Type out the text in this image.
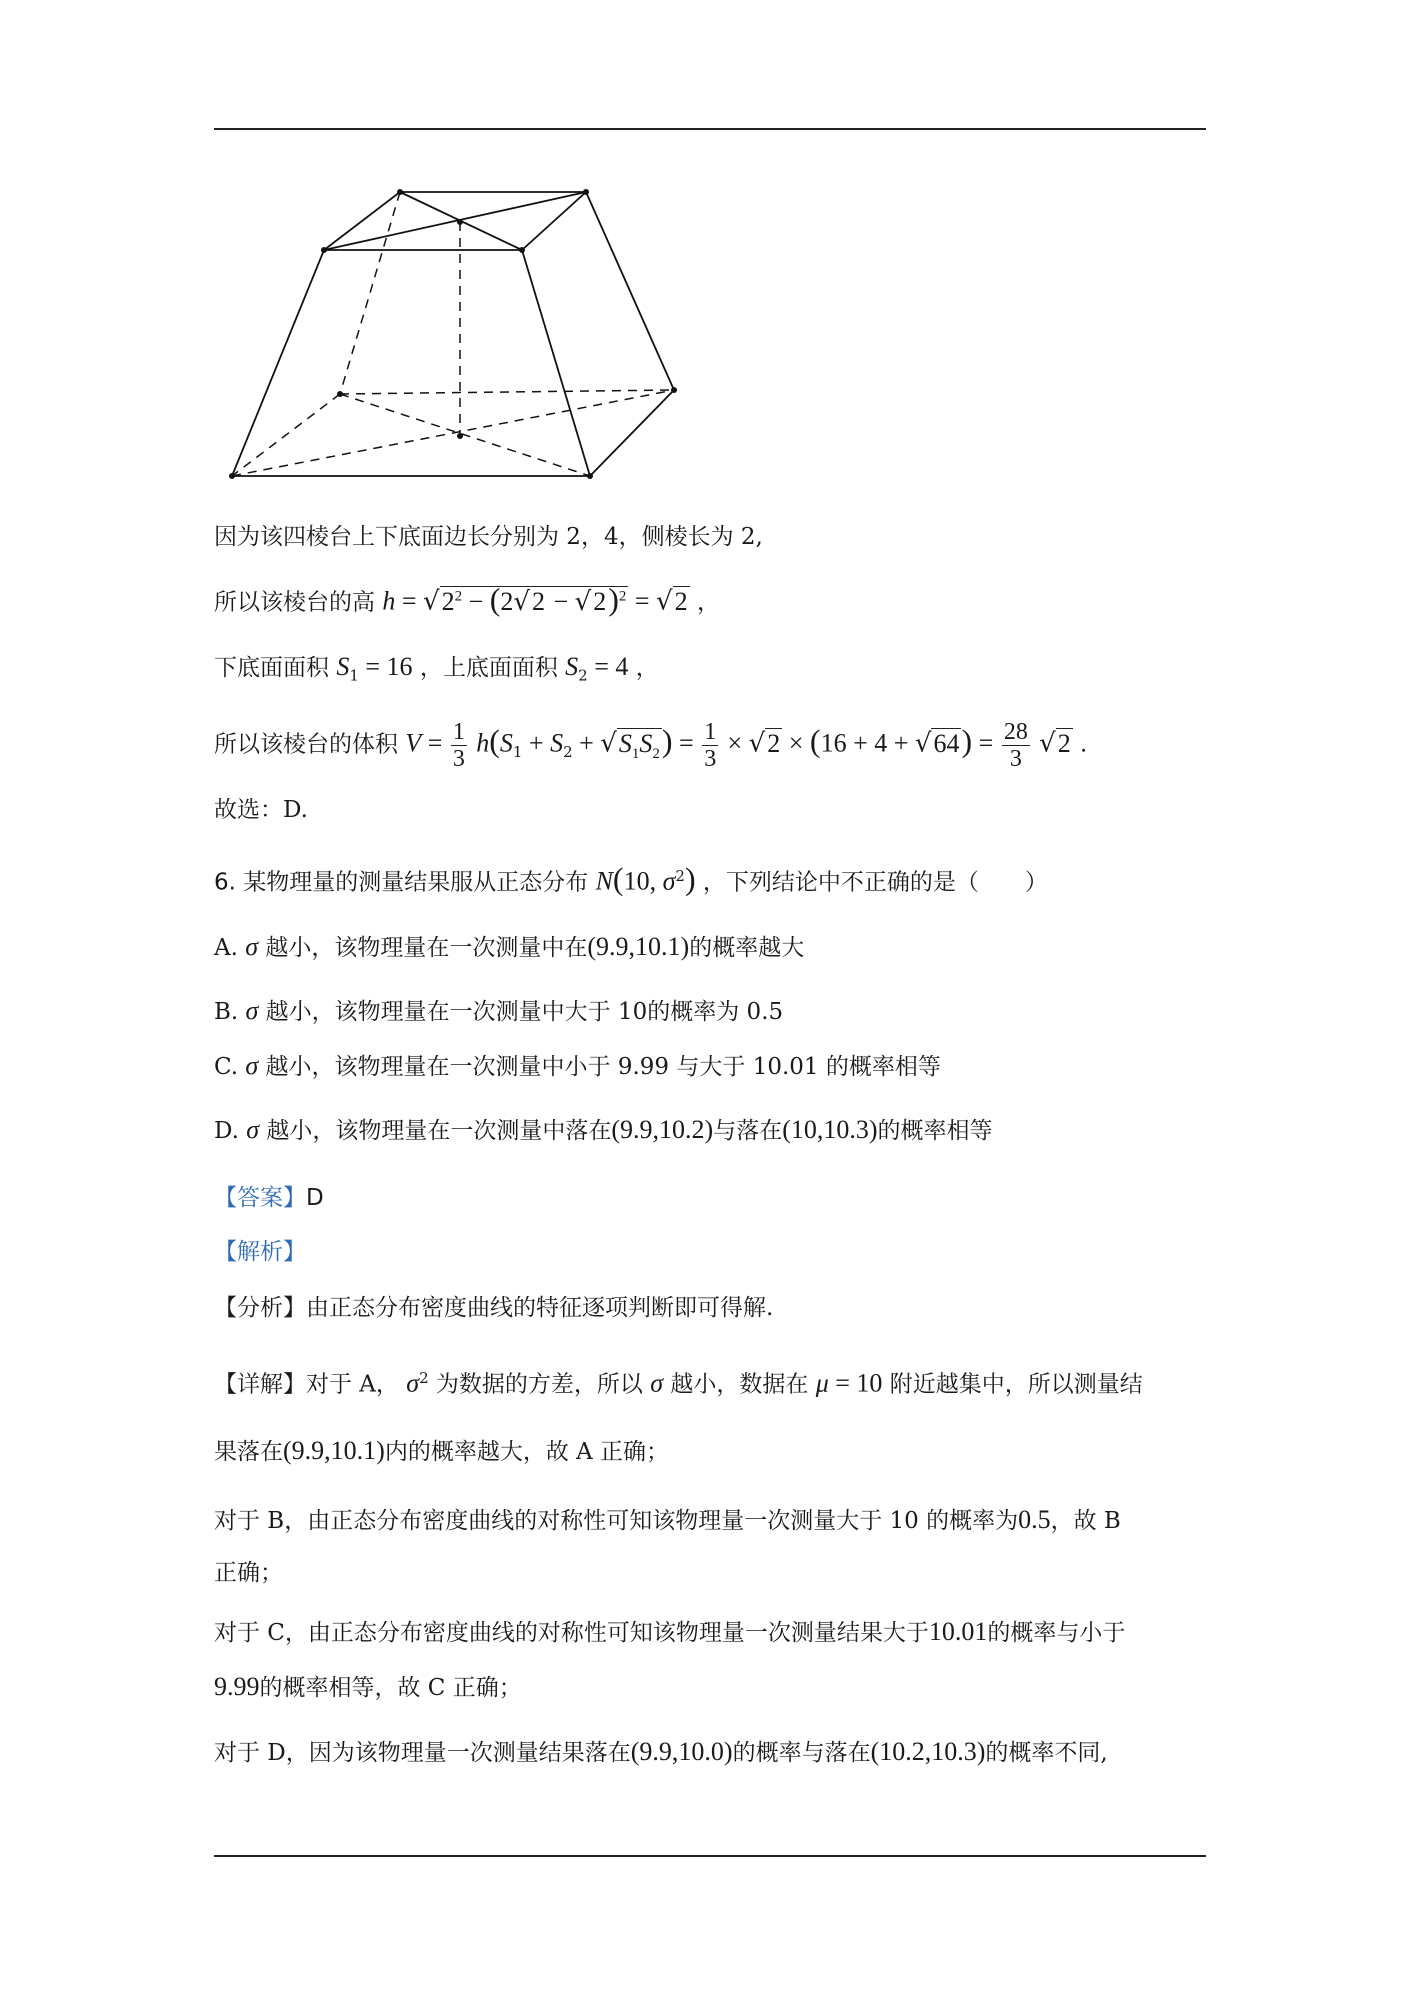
因为该四棱台上下底面边长分别为 2，4，侧棱长为 2,
所以该棱台的高 $h = √2^2 - (2√2 - √2)^2 = √2$ ，
下底面面积 $S_1 = 16$ ，上底面面积 $S_2 = 4$ ，
所以该棱台的体积 $V = \frac{1}{3} h(S_1 + S_2 + √S_1S_2) = \frac{1}{3} \times √2 \times (16 + 4 + √64) = \frac{28}{3} √2$ .
故选：D.
6. 某物理量的测量结果服从正态分布 N(10, $\sigma^2$) ，下列结论中不正确的是（　　）
A. σ 越小，该物理量在一次测量中在(9.9,10.1)的概率越大
B. σ 越小，该物理量在一次测量中大于 10的概率为 0.5
C. σ 越小，该物理量在一次测量中小于 9.99 与大于 10.01 的概率相等
D. σ 越小，该物理量在一次测量中落在(9.9,10.2)与落在(10,10.3)的概率相等
【答案】D
【解析】
【分析】由正态分布密度曲线的特征逐项判断即可得解.
【详解】对于 A， $\sigma^2$ 为数据的方差，所以 σ 越小，数据在 μ = 10 附近越集中，所以测量结
果落在(9.9,10.1)内的概率越大，故 A 正确；
对于 B，由正态分布密度曲线的对称性可知该物理量一次测量大于 10 的概率为0.5，故 B
正确；
对于 C，由正态分布密度曲线的对称性可知该物理量一次测量结果大于10.01的概率与小于
9.99的概率相等，故 C 正确；
对于 D，因为该物理量一次测量结果落在(9.9,10.0)的概率与落在(10.2,10.3)的概率不同,
